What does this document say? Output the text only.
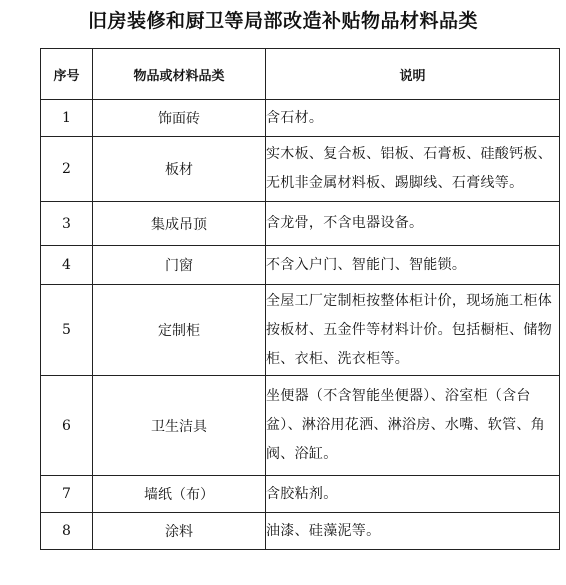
旧房装修和厨卫等局部改造补贴物品材料品类
序号	物品或材料品类	说明
1	饰面砖	含石材。
2	板材	实木板、复合板、铝板、石膏板、硅酸钙板、无机非金属材料板、踢脚线、石膏线等。
3	集成吊顶	含龙骨，不含电器设备。
4	门窗	不含入户门、智能门、智能锁。
5	定制柜	全屋工厂定制柜按整体柜计价，现场施工柜体按板材、五金件等材料计价。包括橱柜、储物柜、衣柜、洗衣柜等。
6	卫生洁具	坐便器（不含智能坐便器）、浴室柜（含台盆）、淋浴用花洒、淋浴房、水嘴、软管、角阀、浴缸。
7	墙纸（布）	含胶粘剂。
8	涂料	油漆、硅藻泥等。
